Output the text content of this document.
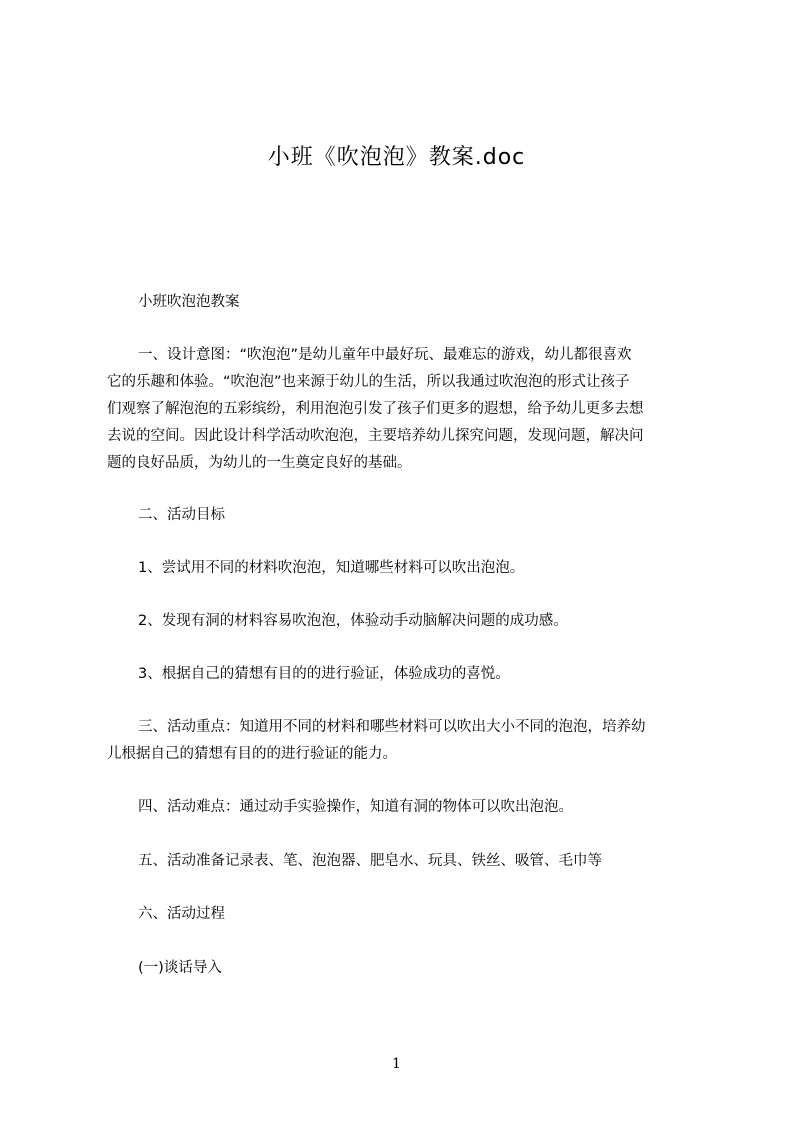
小班《吹泡泡》教案.doc

小班吹泡泡教案

一、设计意图：“吹泡泡”是幼儿童年中最好玩、最难忘的游戏，幼儿都很喜欢

它的乐趣和体验。“吹泡泡”也来源于幼儿的生活，所以我通过吹泡泡的形式让孩子

们观察了解泡泡的五彩缤纷，利用泡泡引发了孩子们更多的遐想，给予幼儿更多去想

去说的空间。因此设计科学活动吹泡泡，主要培养幼儿探究问题，发现问题，解决问

题的良好品质，为幼儿的一生奠定良好的基础。

二、活动目标

1、尝试用不同的材料吹泡泡，知道哪些材料可以吹出泡泡。

2、发现有洞的材料容易吹泡泡，体验动手动脑解决问题的成功感。

3、根据自己的猜想有目的的进行验证，体验成功的喜悦。

三、活动重点：知道用不同的材料和哪些材料可以吹出大小不同的泡泡，培养幼

儿根据自己的猜想有目的的进行验证的能力。

四、活动难点：通过动手实验操作，知道有洞的物体可以吹出泡泡。

五、活动准备记录表、笔、泡泡器、肥皂水、玩具、铁丝、吸管、毛巾等

六、活动过程

(一)谈话导入

1
